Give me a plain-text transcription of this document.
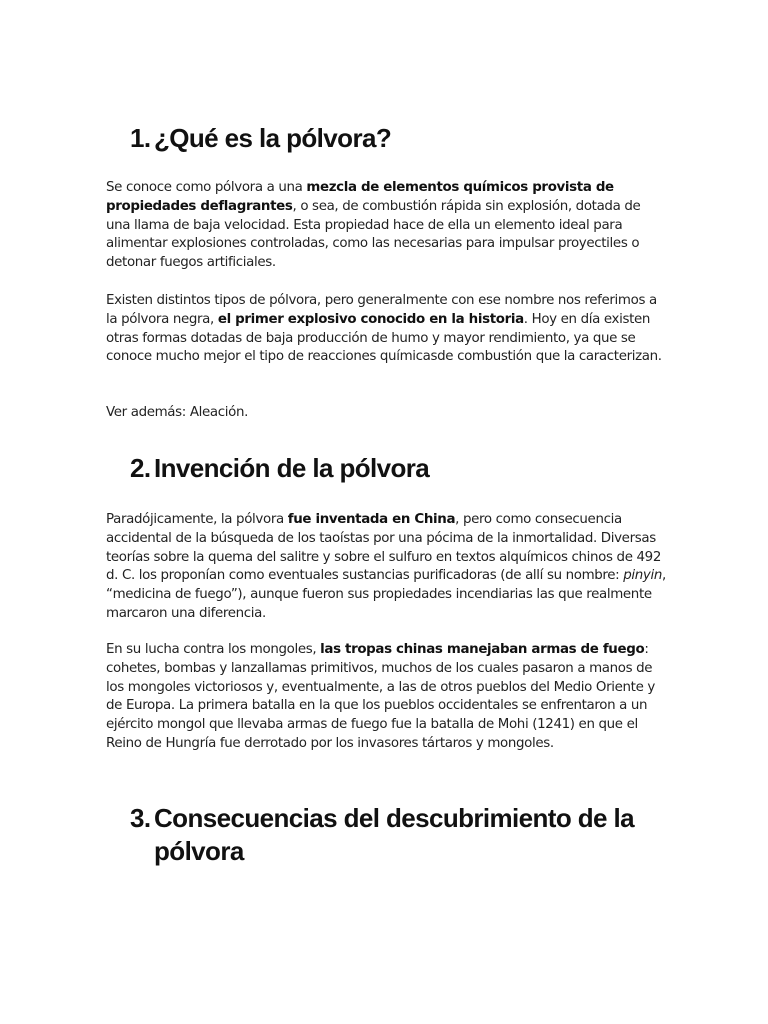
1. ¿Qué es la pólvora?

Se conoce como pólvora a una mezcla de elementos químicos provista de propiedades deflagrantes, o sea, de combustión rápida sin explosión, dotada de una llama de baja velocidad. Esta propiedad hace de ella un elemento ideal para alimentar explosiones controladas, como las necesarias para impulsar proyectiles o detonar fuegos artificiales.

Existen distintos tipos de pólvora, pero generalmente con ese nombre nos referimos a la pólvora negra, el primer explosivo conocido en la historia. Hoy en día existen otras formas dotadas de baja producción de humo y mayor rendimiento, ya que se conoce mucho mejor el tipo de reacciones químicasde combustión que la caracterizan.

Ver además: Aleación.

2. Invención de la pólvora

Paradójicamente, la pólvora fue inventada en China, pero como consecuencia accidental de la búsqueda de los taoístas por una pócima de la inmortalidad. Diversas teorías sobre la quema del salitre y sobre el sulfuro en textos alquímicos chinos de 492 d. C. los proponían como eventuales sustancias purificadoras (de allí su nombre: pinyin, “medicina de fuego”), aunque fueron sus propiedades incendiarias las que realmente marcaron una diferencia.

En su lucha contra los mongoles, las tropas chinas manejaban armas de fuego: cohetes, bombas y lanzallamas primitivos, muchos de los cuales pasaron a manos de los mongoles victoriosos y, eventualmente, a las de otros pueblos del Medio Oriente y de Europa. La primera batalla en la que los pueblos occidentales se enfrentaron a un ejército mongol que llevaba armas de fuego fue la batalla de Mohi (1241) en que el Reino de Hungría fue derrotado por los invasores tártaros y mongoles.

3. Consecuencias del descubrimiento de la pólvora
